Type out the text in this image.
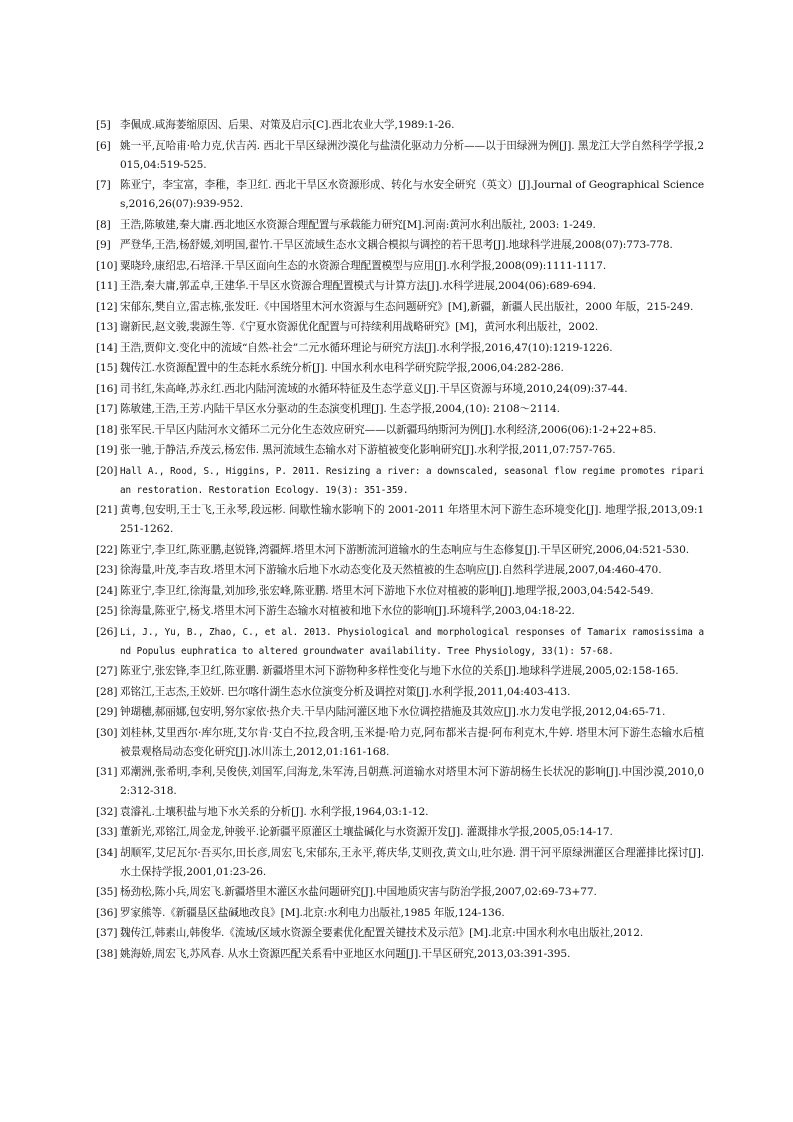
[5] 李佩成.咸海萎缩原因、后果、对策及启示[C].西北农业大学,1989:1-26.
[6] 姚一平,瓦哈甫·哈力克,伏吉芮. 西北干旱区绿洲沙漠化与盐渍化驱动力分析——以于田绿洲为例[J]. 黑龙江大学自然科学学报,2015,04:519-525.
[7] 陈亚宁，李宝富，李稚，李卫红. 西北干旱区水资源形成、转化与水安全研究（英文）[J].Journal of Geographical Sciences,2016,26(07):939-952.
[8] 王浩,陈敏建,秦大庸.西北地区水资源合理配置与承载能力研究[M].河南:黄河水利出版社, 2003: 1-249.
[9] 严登华,王浩,杨舒媛,刘明国,翟竹.干旱区流域生态水文耦合模拟与调控的若干思考[J].地球科学进展,2008(07):773-778.
[10] 粟晓玲,康绍忠,石培泽.干旱区面向生态的水资源合理配置模型与应用[J].水利学报,2008(09):1111-1117.
[11] 王浩,秦大庸,郭孟卓,王建华.干旱区水资源合理配置模式与计算方法[J].水科学进展,2004(06):689-694.
[12] 宋郁东,樊自立,雷志栋,张发旺.《中国塔里木河水资源与生态问题研究》[M],新疆，新疆人民出版社，2000 年版，215-249.
[13] 谢新民,赵文骏,裴源生等.《宁夏水资源优化配置与可持续利用战略研究》[M]，黄河水利出版社，2002.
[14] 王浩,贾仰文.变化中的流域“自然-社会”二元水循环理论与研究方法[J].水利学报,2016,47(10):1219-1226.
[15] 魏传江.水资源配置中的生态耗水系统分析[J]. 中国水利水电科学研究院学报,2006,04:282-286.
[16] 司书红,朱高峰,苏永红.西北内陆河流域的水循环特征及生态学意义[J].干旱区资源与环境,2010,24(09):37-44.
[17] 陈敏建,王浩,王芳.内陆干旱区水分驱动的生态演变机理[J]. 生态学报,2004,(10): 2108～2114.
[18] 张军民.干旱区内陆河水文循环二元分化生态效应研究——以新疆玛纳斯河为例[J].水利经济,2006(06):1-2+22+85.
[19] 张一驰,于静洁,乔茂云,杨宏伟. 黑河流域生态输水对下游植被变化影响研究[J].水利学报,2011,07:757-765.
[20] Hall A., Rood, S., Higgins, P. 2011. Resizing a river: a downscaled, seasonal flow regime promotes riparian restoration. Restoration Ecology. 19(3): 351-359.
[21] 黄粤,包安明,王士飞,王永琴,段远彬. 间歇性输水影响下的 2001-2011 年塔里木河下游生态环境变化[J]. 地理学报,2013,09:1251-1262.
[22] 陈亚宁,李卫红,陈亚鹏,赵锐锋,湾疆辉.塔里木河下游断流河道输水的生态响应与生态修复[J].干旱区研究,2006,04:521-530.
[23] 徐海量,叶茂,李吉玫.塔里木河下游输水后地下水动态变化及天然植被的生态响应[J].自然科学进展,2007,04:460-470.
[24] 陈亚宁,李卫红,徐海量,刘加珍,张宏峰,陈亚鹏. 塔里木河下游地下水位对植被的影响[J].地理学报,2003,04:542-549.
[25] 徐海量,陈亚宁,杨戈.塔里木河下游生态输水对植被和地下水位的影响[J].环境科学,2003,04:18-22.
[26] Li, J., Yu, B., Zhao, C., et al. 2013. Physiological and morphological responses of Tamarix ramosissima and Populus euphratica to altered groundwater availability. Tree Physiology, 33(1): 57-68.
[27] 陈亚宁,张宏锋,李卫红,陈亚鹏. 新疆塔里木河下游物种多样性变化与地下水位的关系[J].地球科学进展,2005,02:158-165.
[28] 邓铭江,王志杰,王姣妍. 巴尔喀什湖生态水位演变分析及调控对策[J].水利学报,2011,04:403-413.
[29] 钟瑚穗,郝丽娜,包安明,努尔家依·热介夫.干旱内陆河灌区地下水位调控措施及其效应[J].水力发电学报,2012,04:65-71.
[30] 刘桂林,艾里西尔·库尔班,艾尔肯·艾白不拉,段含明,玉米提·哈力克,阿布都米吉提·阿布利克木,牛婷. 塔里木河下游生态输水后植被景观格局动态变化研究[J].冰川冻土,2012,01:161-168.
[31] 邓潮洲,张希明,李利,吴俊侠,刘国军,闫海龙,朱军涛,吕朝燕.河道输水对塔里木河下游胡杨生长状况的影响[J].中国沙漠,2010,02:312-318.
[32] 袁濬礼.土壤积盐与地下水关系的分析[J]. 水利学报,1964,03:1-12.
[33] 董新光,邓铭江,周金龙,钟骏平.论新疆平原灌区土壤盐碱化与水资源开发[J]. 灌溉排水学报,2005,05:14-17.
[34] 胡顺军,艾尼瓦尔·吾买尔,田长彦,周宏飞,宋郁东,王永平,蒋庆华,艾则孜,黄文山,吐尔逊. 渭干河平原绿洲灌区合理灌排比探讨[J].水土保持学报,2001,01:23-26.
[35] 杨劲松,陈小兵,周宏飞.新疆塔里木灌区水盐问题研究[J].中国地质灾害与防治学报,2007,02:69-73+77.
[36] 罗家熊等.《新疆垦区盐碱地改良》[M].北京:水利电力出版社,1985 年版,124-136.
[37] 魏传江,韩素山,韩俊华.《流域/区域水资源全要素优化配置关键技术及示范》[M].北京:中国水利水电出版社,2012.
[38] 姚海娇,周宏飞,苏风春. 从水土资源匹配关系看中亚地区水问题[J].干旱区研究,2013,03:391-395.
